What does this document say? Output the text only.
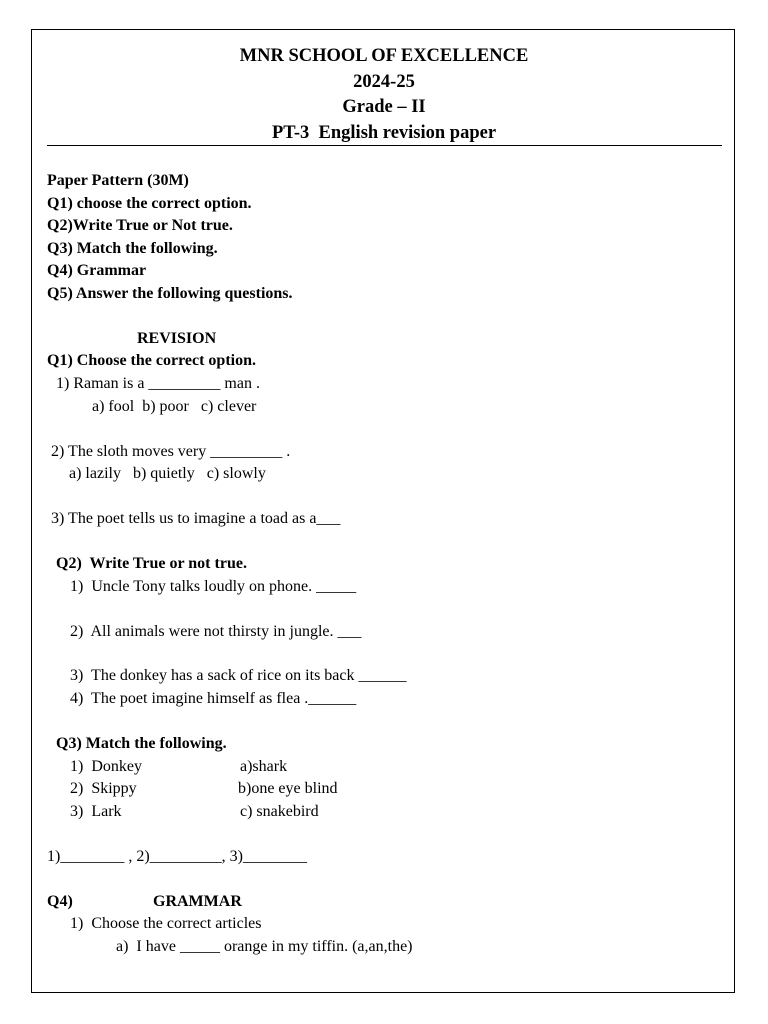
MNR SCHOOL OF EXCELLENCE
2024-25
Grade – II
PT-3  English revision paper
Paper Pattern (30M)
Q1) choose the correct option.
Q2)Write True or Not true.
Q3) Match the following.
Q4) Grammar
Q5) Answer the following questions.
REVISION
Q1) Choose the correct option.
1) Raman is a _________ man .
a) fool  b) poor   c) clever
2) The sloth moves very _________ .
a) lazily   b) quietly   c) slowly
3) The poet tells us to imagine a toad as a___
Q2)  Write True or not true.
1)  Uncle Tony talks loudly on phone. _____
2)  All animals were not thirsty in jungle. ___
3)  The donkey has a sack of rice on its back ______
4)  The poet imagine himself as flea .______
Q3) Match the following.
1)  Donkey	a)shark
2)  Skippy	b)one eye blind
3)  Lark	c) snakebird
1)________ , 2)_________, 3)________
Q4)	GRAMMAR
1)  Choose the correct articles
a)  I have _____ orange in my tiffin. (a,an,the)
